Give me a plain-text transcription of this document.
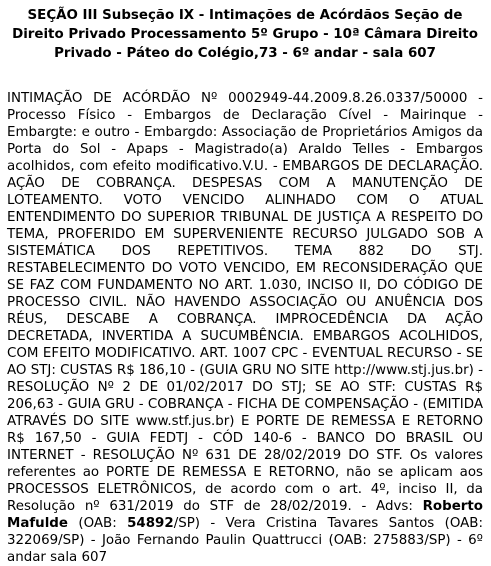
SEÇÃO III Subseção IX - Intimações de Acórdãos Seção de Direito Privado Processamento 5º Grupo - 10ª Câmara Direito Privado - Páteo do Colégio,73 - 6º andar - sala 607

INTIMAÇÃO DE ACÓRDÃO Nº 0002949-44.2009.8.26.0337/50000 - Processo Físico - Embargos de Declaração Cível - Mairinque - Embargte: e outro - Embargdo: Associação de Proprietários Amigos da Porta do Sol - Apaps - Magistrado(a) Araldo Telles - Embargos acolhidos, com efeito modificativo.V.U. - EMBARGOS DE DECLARAÇÃO. AÇÃO DE COBRANÇA. DESPESAS COM A MANUTENÇÃO DE LOTEAMENTO. VOTO VENCIDO ALINHADO COM O ATUAL ENTENDIMENTO DO SUPERIOR TRIBUNAL DE JUSTIÇA A RESPEITO DO TEMA, PROFERIDO EM SUPERVENIENTE RECURSO JULGADO SOB A SISTEMÁTICA DOS REPETITIVOS. TEMA 882 DO STJ. RESTABELECIMENTO DO VOTO VENCIDO, EM RECONSIDERAÇÃO QUE SE FAZ COM FUNDAMENTO NO ART. 1.030, INCISO II, DO CÓDIGO DE PROCESSO CIVIL. NÃO HAVENDO ASSOCIAÇÃO OU ANUÊNCIA DOS RÉUS, DESCABE A COBRANÇA. IMPROCEDÊNCIA DA AÇÃO DECRETADA, INVERTIDA A SUCUMBÊNCIA. EMBARGOS ACOLHIDOS, COM EFEITO MODIFICATIVO. ART. 1007 CPC - EVENTUAL RECURSO - SE AO STJ: CUSTAS R$ 186,10 - (GUIA GRU NO SITE http://www.stj.jus.br) - RESOLUÇÃO Nº 2 DE 01/02/2017 DO STJ; SE AO STF: CUSTAS R$ 206,63 - GUIA GRU - COBRANÇA - FICHA DE COMPENSAÇÃO - (EMITIDA ATRAVÉS DO SITE www.stf.jus.br) E PORTE DE REMESSA E RETORNO R$ 167,50 - GUIA FEDTJ - CÓD 140-6 - BANCO DO BRASIL OU INTERNET - RESOLUÇÃO Nº 631 DE 28/02/2019 DO STF. Os valores referentes ao PORTE DE REMESSA E RETORNO, não se aplicam aos PROCESSOS ELETRÔNICOS, de acordo com o art. 4º, inciso II, da Resolução nº 631/2019 do STF de 28/02/2019. - Advs: Roberto Mafulde (OAB: 54892/SP) - Vera Cristina Tavares Santos (OAB: 322069/SP) - João Fernando Paulin Quattrucci (OAB: 275883/SP) - 6º andar sala 607
